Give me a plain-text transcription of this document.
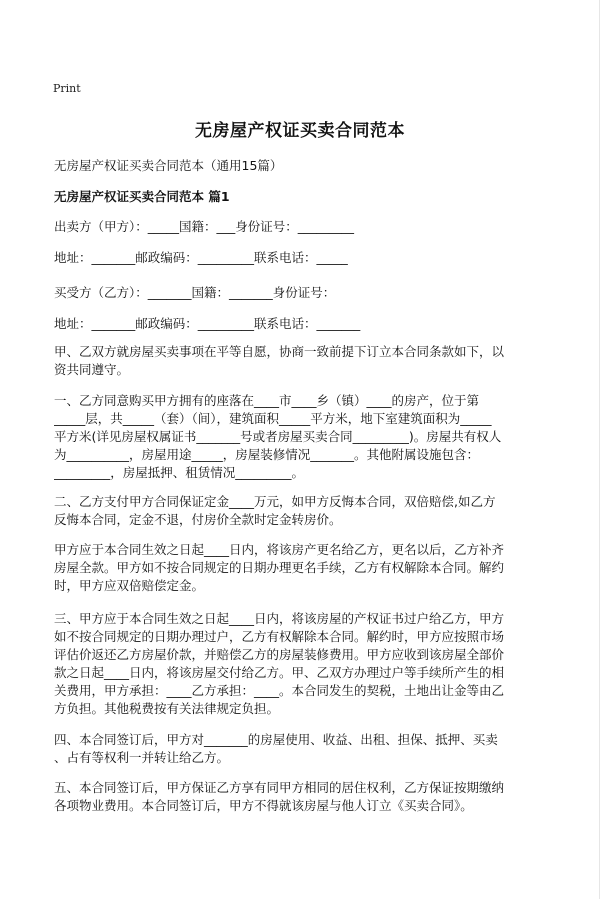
Print
无房屋产权证买卖合同范本
无房屋产权证买卖合同范本（通用15篇）
无房屋产权证买卖合同范本 篇1
出卖方（甲方）：_____国籍：___身份证号：_________
地址：_______邮政编码：_________联系电话：_____
买受方（乙方）：_______国籍：_______身份证号：
地址：_______邮政编码：_________联系电话：_______
甲、乙双方就房屋买卖事项在平等自愿，协商一致前提下订立本合同条款如下，以
资共同遵守。
一、乙方同意购买甲方拥有的座落在____市____乡（镇）____的房产，位于第
_____层，共_____（套）（间），建筑面积_____平方米，地下室建筑面积为_____
平方米(详见房屋权属证书_______号或者房屋买卖合同_________)。房屋共有权人
为__________，房屋用途_____，房屋装修情况_______。其他附属设施包含：
_________，房屋抵押、租赁情况_________。
二、乙方支付甲方合同保证定金____万元，如甲方反悔本合同，双倍赔偿,如乙方
反悔本合同，定金不退，付房价全款时定金转房价。
甲方应于本合同生效之日起____日内，将该房产更名给乙方，更名以后，乙方补齐
房屋全款。甲方如不按合同规定的日期办理更名手续，乙方有权解除本合同。解约
时，甲方应双倍赔偿定金。
三、甲方应于本合同生效之日起____日内，将该房屋的产权证书过户给乙方，甲方
如不按合同规定的日期办理过户，乙方有权解除本合同。解约时，甲方应按照市场
评估价返还乙方房屋价款，并赔偿乙方的房屋装修费用。甲方应收到该房屋全部价
款之日起____日内，将该房屋交付给乙方。甲、乙双方办理过户等手续所产生的相
关费用，甲方承担：____乙方承担：____。本合同发生的契税，土地出让金等由乙
方负担。其他税费按有关法律规定负担。
四、本合同签订后，甲方对_______的房屋使用、收益、出租、担保、抵押、买卖
、占有等权利一并转让给乙方。
五、本合同签订后，甲方保证乙方享有同甲方相同的居住权利，乙方保证按期缴纳
各项物业费用。本合同签订后，甲方不得就该房屋与他人订立《买卖合同》。
